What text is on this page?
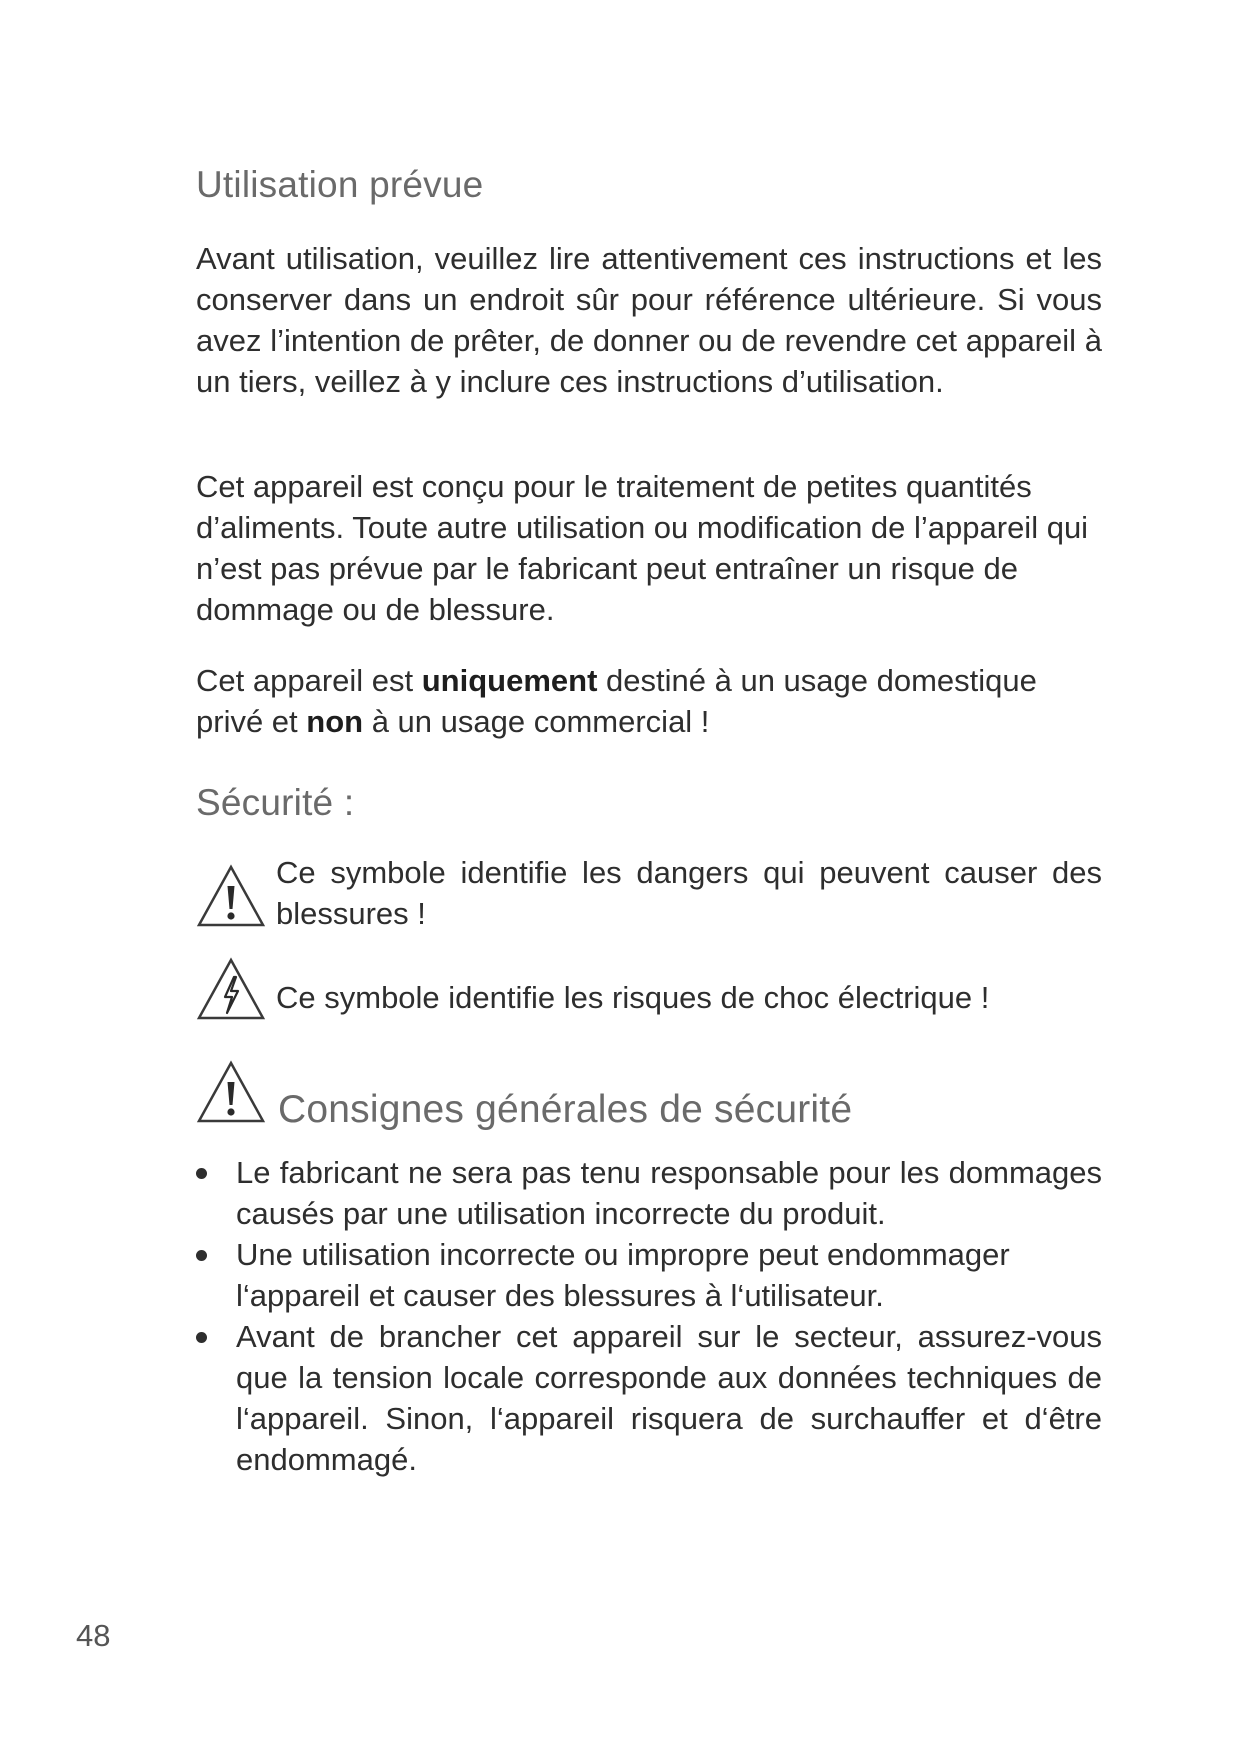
Utilisation prévue

Avant utilisation, veuillez lire attentivement ces instructions et les conserver dans un endroit sûr pour référence ultérieure. Si vous avez l’intention de prêter, de donner ou de revendre cet appareil à un tiers, veillez à y inclure ces instructions d’utilisation.

Cet appareil est conçu pour le traitement de petites quantités d’aliments. Toute autre utilisation ou modification de l’appareil qui n’est pas prévue par le fabricant peut entraîner un risque de dommage ou de blessure.

Cet appareil est uniquement destiné à un usage domestique privé et non à un usage commercial !

Sécurité :

Ce symbole identifie les dangers qui peuvent causer des blessures !

Ce symbole identifie les risques de choc électrique !

Consignes générales de sécurité

Le fabricant ne sera pas tenu responsable pour les dommages causés par une utilisation incorrecte du produit.

Une utilisation incorrecte ou impropre peut endommager l‘appareil et causer des blessures à l‘utilisateur.

Avant de brancher cet appareil sur le secteur, assurez-vous que la tension locale corresponde aux données techniques de l‘appareil. Sinon, l‘appareil risquera de surchauffer et d‘être endommagé.

48
